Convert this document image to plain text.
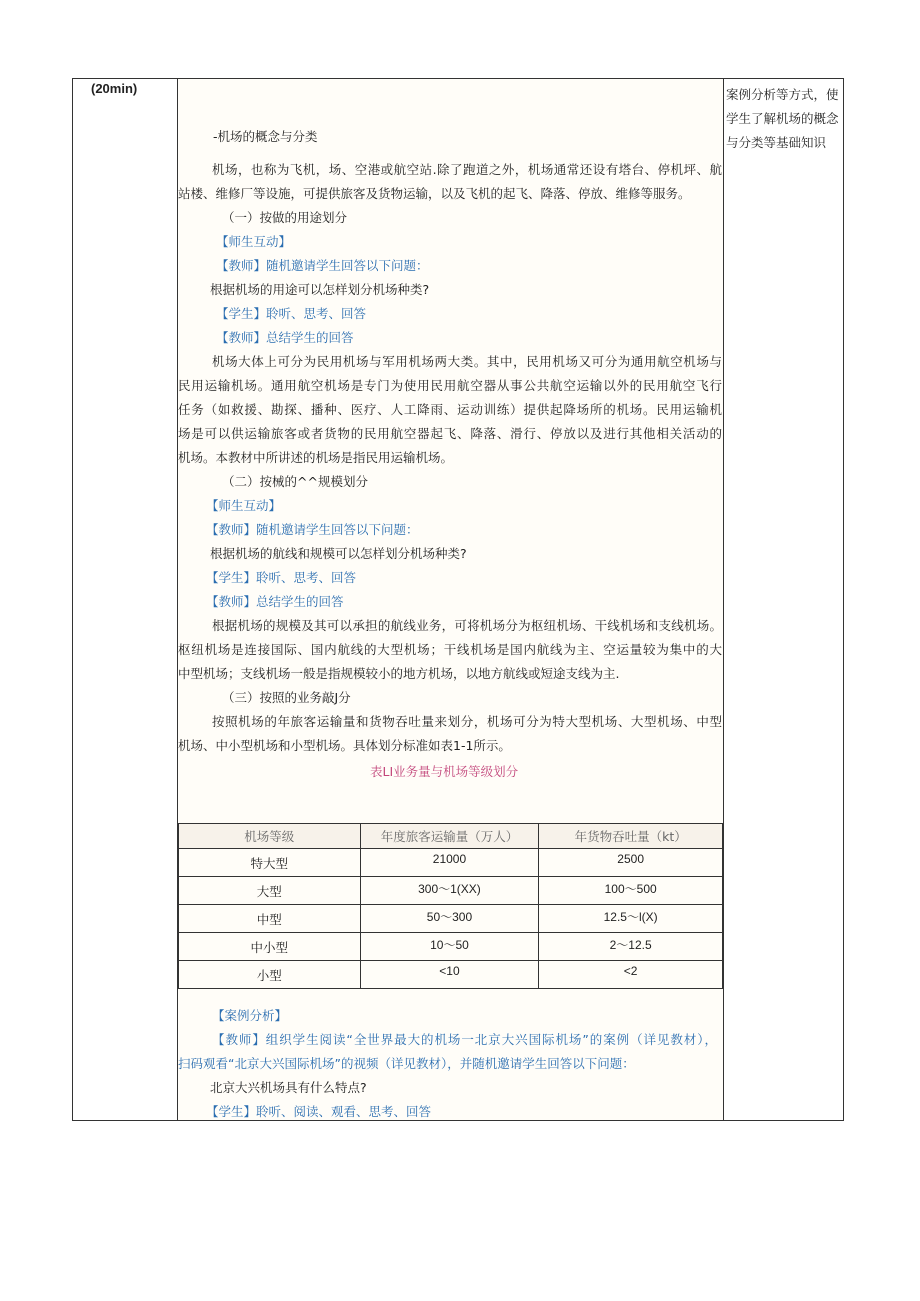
(20min)	案例分析等方式，使
学生了解机场的概念
与分类等基础知识
-机场的概念与分类
机场，也称为飞机，场、空港或航空站.除了跑道之外，机场通常还设有塔台、停机坪、航
站楼、维修厂等设施，可提供旅客及货物运输，以及飞机的起飞、降落、停放、维修等服务。
（一）按做的用途划分
【师生互动】
【教师】随机邀请学生回答以下问题：
根据机场的用途可以怎样划分机场种类?
【学生】聆听、思考、回答
【教师】总结学生的回答
机场大体上可分为民用机场与军用机场两大类。其中，民用机场又可分为通用航空机场与
民用运输机场。通用航空机场是专门为使用民用航空器从事公共航空运输以外的民用航空飞行
任务（如救援、勘探、播种、医疗、人工降雨、运动训练）提供起降场所的机场。民用运输机
场是可以供运输旅客或者货物的民用航空器起飞、降落、滑行、停放以及进行其他相关活动的
机场。本教材中所讲述的机场是指民用运输机场。
（二）按械的^^规模划分
【师生互动】
【教师】随机邀请学生回答以下问题：
根据机场的航线和规模可以怎样划分机场种类?
【学生】聆听、思考、回答
【教师】总结学生的回答
根据机场的规模及其可以承担的航线业务，可将机场分为枢纽机场、干线机场和支线机场。
枢纽机场是连接国际、国内航线的大型机场；干线机场是国内航线为主、空运量较为集中的大
中型机场；支线机场一般是指规模较小的地方机场，以地方航线或短途支线为主.
（三）按照的业务敲J分
按照机场的年旅客运输量和货物吞吐量来划分，机场可分为特大型机场、大型机场、中型
机场、中小型机场和小型机场。具体划分标准如表1-1所示。
表LI业务量与机场等级划分
机场等级	年度旅客运输量（万人）	年货物吞吐量（kt）
特大型	21000	2500
大型	300～1(XX)	100～500
中型	50～300	12.5～l(X)
中小型	10～50	2～12.5
小型	<10	<2
【案例分析】
【教师】组织学生阅读“全世界最大的机场一北京大兴国际机场”的案例（详见教材），
扫码观看“北京大兴国际机场”的视频（详见教材），并随机邀请学生回答以下问题：
北京大兴机场具有什么特点?
【学生】聆听、阅读、观看、思考、回答
